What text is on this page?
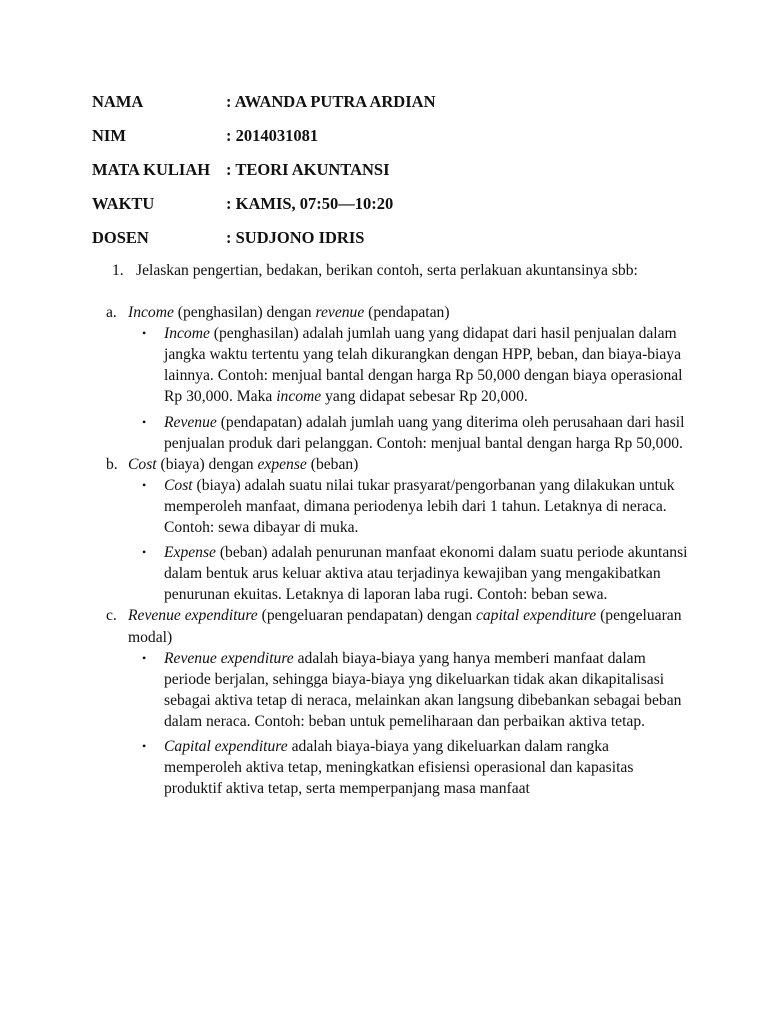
NAMA	: AWANDA PUTRA ARDIAN
NIM	: 2014031081
MATA KULIAH : TEORI AKUNTANSI
WAKTU	: KAMIS, 07:50—10:20
DOSEN	: SUDJONO IDRIS
1. Jelaskan pengertian, bedakan, berikan contoh, serta perlakuan akuntansinya sbb:
a. Income (penghasilan) dengan revenue (pendapatan)
• Income (penghasilan) adalah jumlah uang yang didapat dari hasil penjualan dalam jangka waktu tertentu yang telah dikurangkan dengan HPP, beban, dan biaya-biaya lainnya. Contoh: menjual bantal dengan harga Rp 50,000 dengan biaya operasional Rp 30,000. Maka income yang didapat sebesar Rp 20,000.
• Revenue (pendapatan) adalah jumlah uang yang diterima oleh perusahaan dari hasil penjualan produk dari pelanggan. Contoh: menjual bantal dengan harga Rp 50,000.
b. Cost (biaya) dengan expense (beban)
• Cost (biaya) adalah suatu nilai tukar prasyarat/pengorbanan yang dilakukan untuk memperoleh manfaat, dimana periodenya lebih dari 1 tahun. Letaknya di neraca. Contoh: sewa dibayar di muka.
• Expense (beban) adalah penurunan manfaat ekonomi dalam suatu periode akuntansi dalam bentuk arus keluar aktiva atau terjadinya kewajiban yang mengakibatkan penurunan ekuitas. Letaknya di laporan laba rugi. Contoh: beban sewa.
c. Revenue expenditure (pengeluaran pendapatan) dengan capital expenditure (pengeluaran modal)
• Revenue expenditure adalah biaya-biaya yang hanya memberi manfaat dalam periode berjalan, sehingga biaya-biaya yng dikeluarkan tidak akan dikapitalisasi sebagai aktiva tetap di neraca, melainkan akan langsung dibebankan sebagai beban dalam neraca. Contoh: beban untuk pemeliharaan dan perbaikan aktiva tetap.
• Capital expenditure adalah biaya-biaya yang dikeluarkan dalam rangka memperoleh aktiva tetap, meningkatkan efisiensi operasional dan kapasitas produktif aktiva tetap, serta memperpanjang masa manfaat
